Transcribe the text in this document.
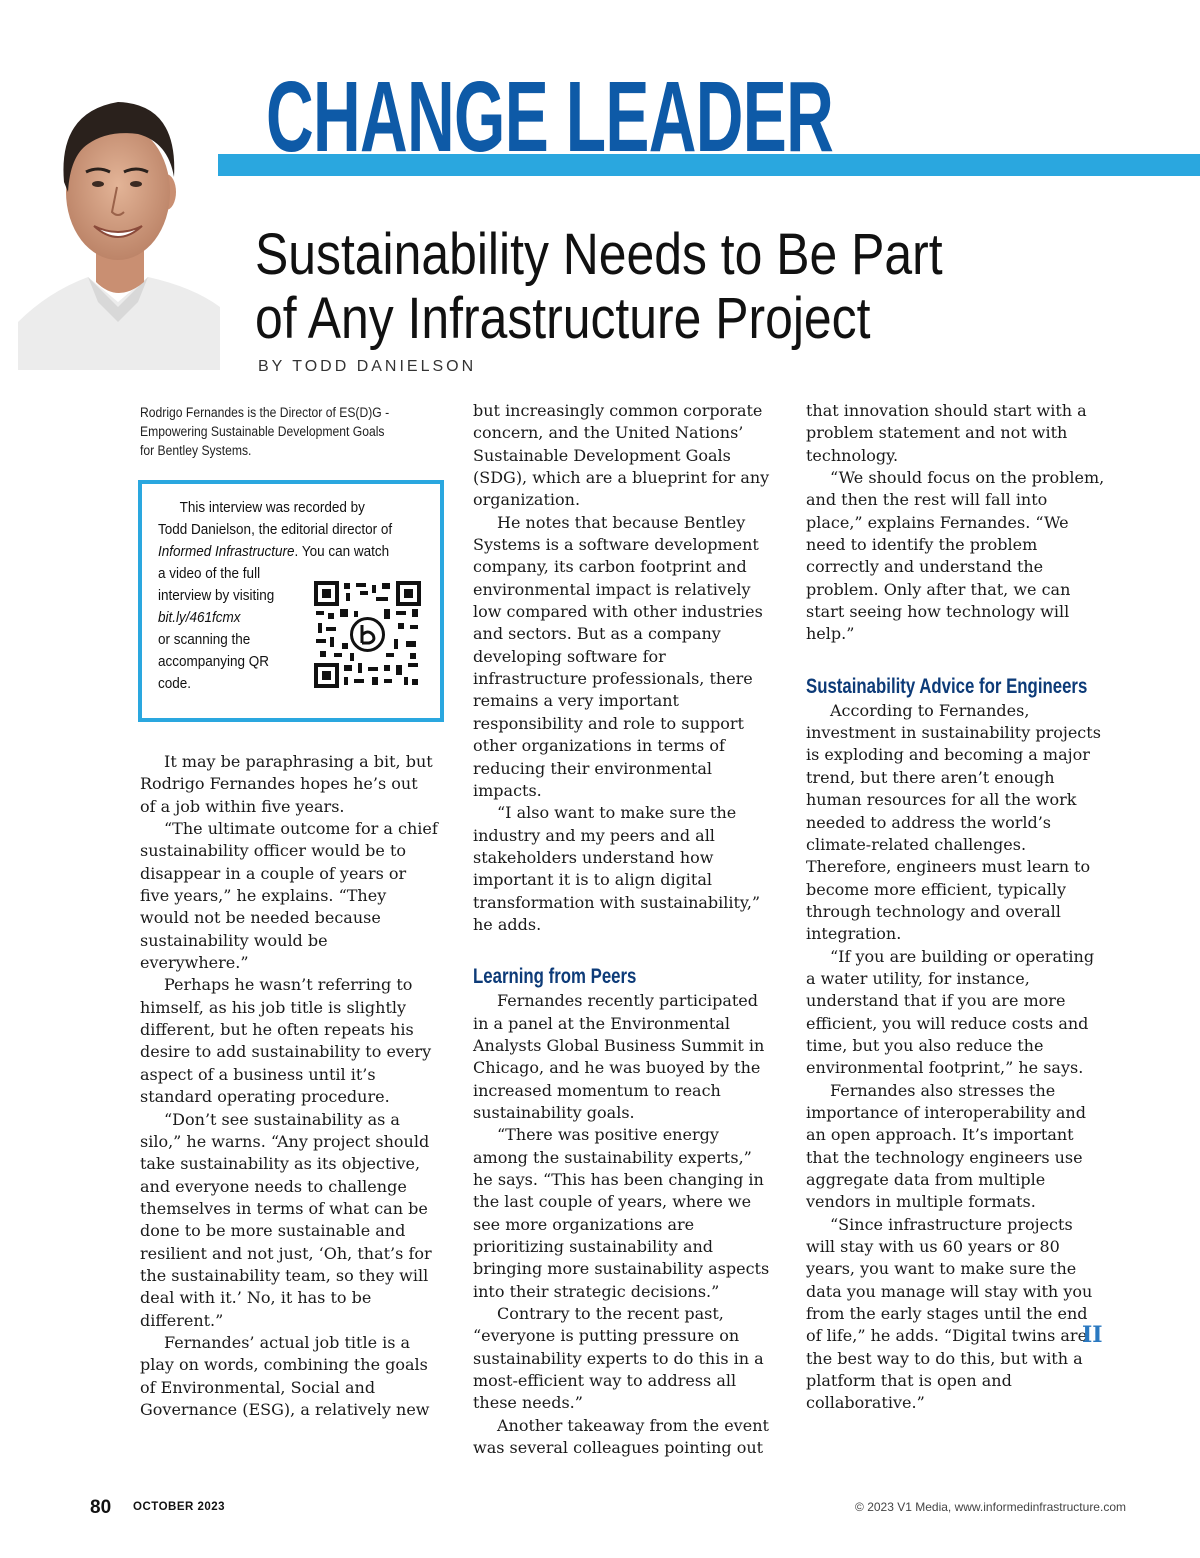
CHANGE LEADER
Sustainability Needs to Be Part
of Any Infrastructure Project
BY TODD DANIELSON
Rodrigo Fernandes is the Director of ES(D)G - Empowering Sustainable Development Goals for Bentley Systems.
This interview was recorded by
Todd Danielson, the editorial director of
Informed Infrastructure. You can watch
a video of the full
interview by visiting
bit.ly/461fcmx
or scanning the
accompanying QR
code.

It may be paraphrasing a bit, but Rodrigo Fernandes hopes he’s out of a job within five years.

“The ultimate outcome for a chief sustainability officer would be to disappear in a couple of years or five years,” he explains. “They would not be needed because sustainability would be everywhere.”

Perhaps he wasn’t referring to himself, as his job title is slightly different, but he often repeats his desire to add sustainability to every aspect of a business until it’s standard operating procedure.

“Don’t see sustainability as a silo,” he warns. “Any project should take sustainability as its objective, and everyone needs to challenge themselves in terms of what can be done to be more sustainable and resilient and not just, ‘Oh, that’s for the sustainability team, so they will deal with it.’ No, it has to be different.”

Fernandes’ actual job title is a play on words, combining the goals of Environmental, Social and Governance (ESG), a relatively new

but increasingly common corporate concern, and the United Nations’ Sustainable Development Goals (SDG), which are a blueprint for any organization.

He notes that because Bentley Systems is a software development company, its carbon footprint and environmental impact is relatively low compared with other industries and sectors. But as a company developing software for infrastructure professionals, there remains a very important responsibility and role to support other organizations in terms of reducing their environmental impacts.

“I also want to make sure the industry and my peers and all stakeholders understand how important it is to align digital transformation with sustainability,” he adds.

Learning from Peers

Fernandes recently participated in a panel at the Environmental Analysts Global Business Summit in Chicago, and he was buoyed by the increased momentum to reach sustainability goals.

“There was positive energy among the sustainability experts,” he says. “This has been changing in the last couple of years, where we see more organizations are prioritizing sustainability and bringing more sustainability aspects into their strategic decisions.”

Contrary to the recent past, “everyone is putting pressure on sustainability experts to do this in a most-efficient way to address all these needs.”

Another takeaway from the event was several colleagues pointing out

that innovation should start with a problem statement and not with technology.

“We should focus on the problem, and then the rest will fall into place,” explains Fernandes. “We need to identify the problem correctly and understand the problem. Only after that, we can start seeing how technology will help.”

Sustainability Advice for Engineers

According to Fernandes, investment in sustainability projects is exploding and becoming a major trend, but there aren’t enough human resources for all the work needed to address the world’s climate-related challenges. Therefore, engineers must learn to become more efficient, typically through technology and overall integration.

“If you are building or operating a water utility, for instance, understand that if you are more efficient, you will reduce costs and time, but you also reduce the environmental footprint,” he says.

Fernandes also stresses the importance of interoperability and an open approach. It’s important that the technology engineers use aggregate data from multiple vendors in multiple formats.

“Since infrastructure projects will stay with us 60 years or 80 years, you want to make sure the data you manage will stay with you from the early stages until the end of life,” he adds. “Digital twins are the best way to do this, but with a platform that is open and collaborative.”

II
80 OCTOBER 2023	© 2023 V1 Media, www.informedinfrastructure.com
